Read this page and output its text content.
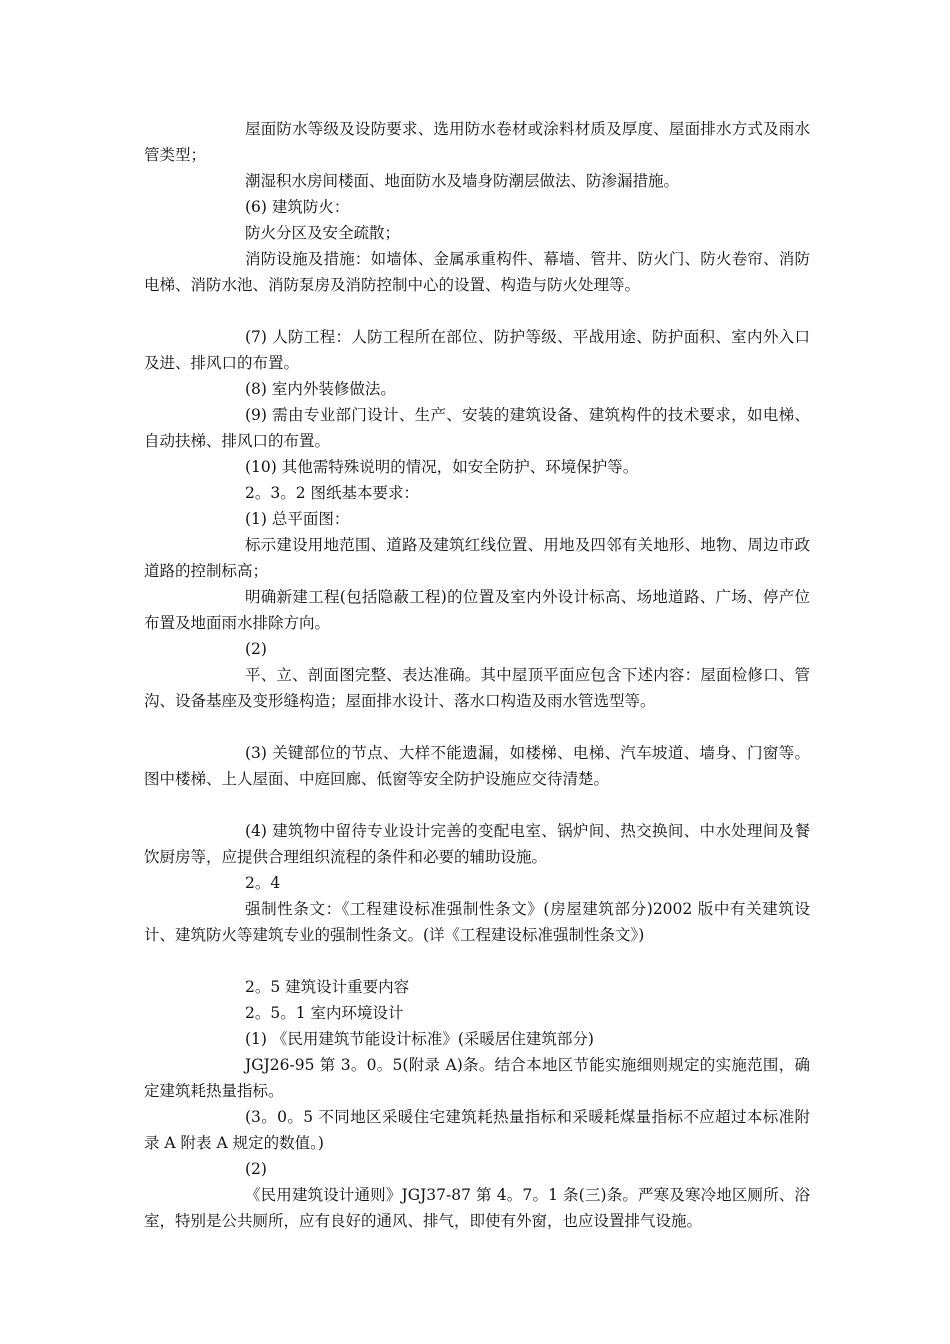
屋面防水等级及设防要求、选用防水卷材或涂料材质及厚度、屋面排水方式及雨水管类型；

潮湿积水房间楼面、地面防水及墙身防潮层做法、防渗漏措施。

(6) 建筑防火：

防火分区及安全疏散；

消防设施及措施：如墙体、金属承重构件、幕墙、管井、防火门、防火卷帘、消防电梯、消防水池、消防泵房及消防控制中心的设置、构造与防火处理等。

(7) 人防工程：人防工程所在部位、防护等级、平战用途、防护面积、室内外入口及进、排风口的布置。

(8) 室内外装修做法。

(9) 需由专业部门设计、生产、安装的建筑设备、建筑构件的技术要求，如电梯、自动扶梯、排风口的布置。

(10) 其他需特殊说明的情况，如安全防护、环境保护等。

2。3。2 图纸基本要求：

(1) 总平面图：

标示建设用地范围、道路及建筑红线位置、用地及四邻有关地形、地物、周边市政道路的控制标高；

明确新建工程(包括隐蔽工程)的位置及室内外设计标高、场地道路、广场、停产位布置及地面雨水排除方向。

(2)

平、立、剖面图完整、表达准确。其中屋顶平面应包含下述内容：屋面检修口、管沟、设备基座及变形缝构造；屋面排水设计、落水口构造及雨水管选型等。

(3) 关键部位的节点、大样不能遗漏，如楼梯、电梯、汽车坡道、墙身、门窗等。图中楼梯、上人屋面、中庭回廊、低窗等安全防护设施应交待清楚。

(4) 建筑物中留待专业设计完善的变配电室、锅炉间、热交换间、中水处理间及餐饮厨房等，应提供合理组织流程的条件和必要的辅助设施。

2。4

强制性条文：《工程建设标准强制性条文》(房屋建筑部分)2002 版中有关建筑设计、建筑防火等建筑专业的强制性条文。(详《工程建设标准强制性条文》)

2。5 建筑设计重要内容

2。5。1 室内环境设计

(1) 《民用建筑节能设计标准》(采暖居住建筑部分)

JGJ26-95 第 3。0。5(附录 A)条。结合本地区节能实施细则规定的实施范围，确定建筑耗热量指标。

(3。0。5 不同地区采暖住宅建筑耗热量指标和采暖耗煤量指标不应超过本标准附录 A 附表 A 规定的数值。)

(2)

《民用建筑设计通则》JGJ37-87 第 4。7。1 条(三)条。严寒及寒冷地区厕所、浴室，特别是公共厕所，应有良好的通风、排气，即使有外窗，也应设置排气设施。
